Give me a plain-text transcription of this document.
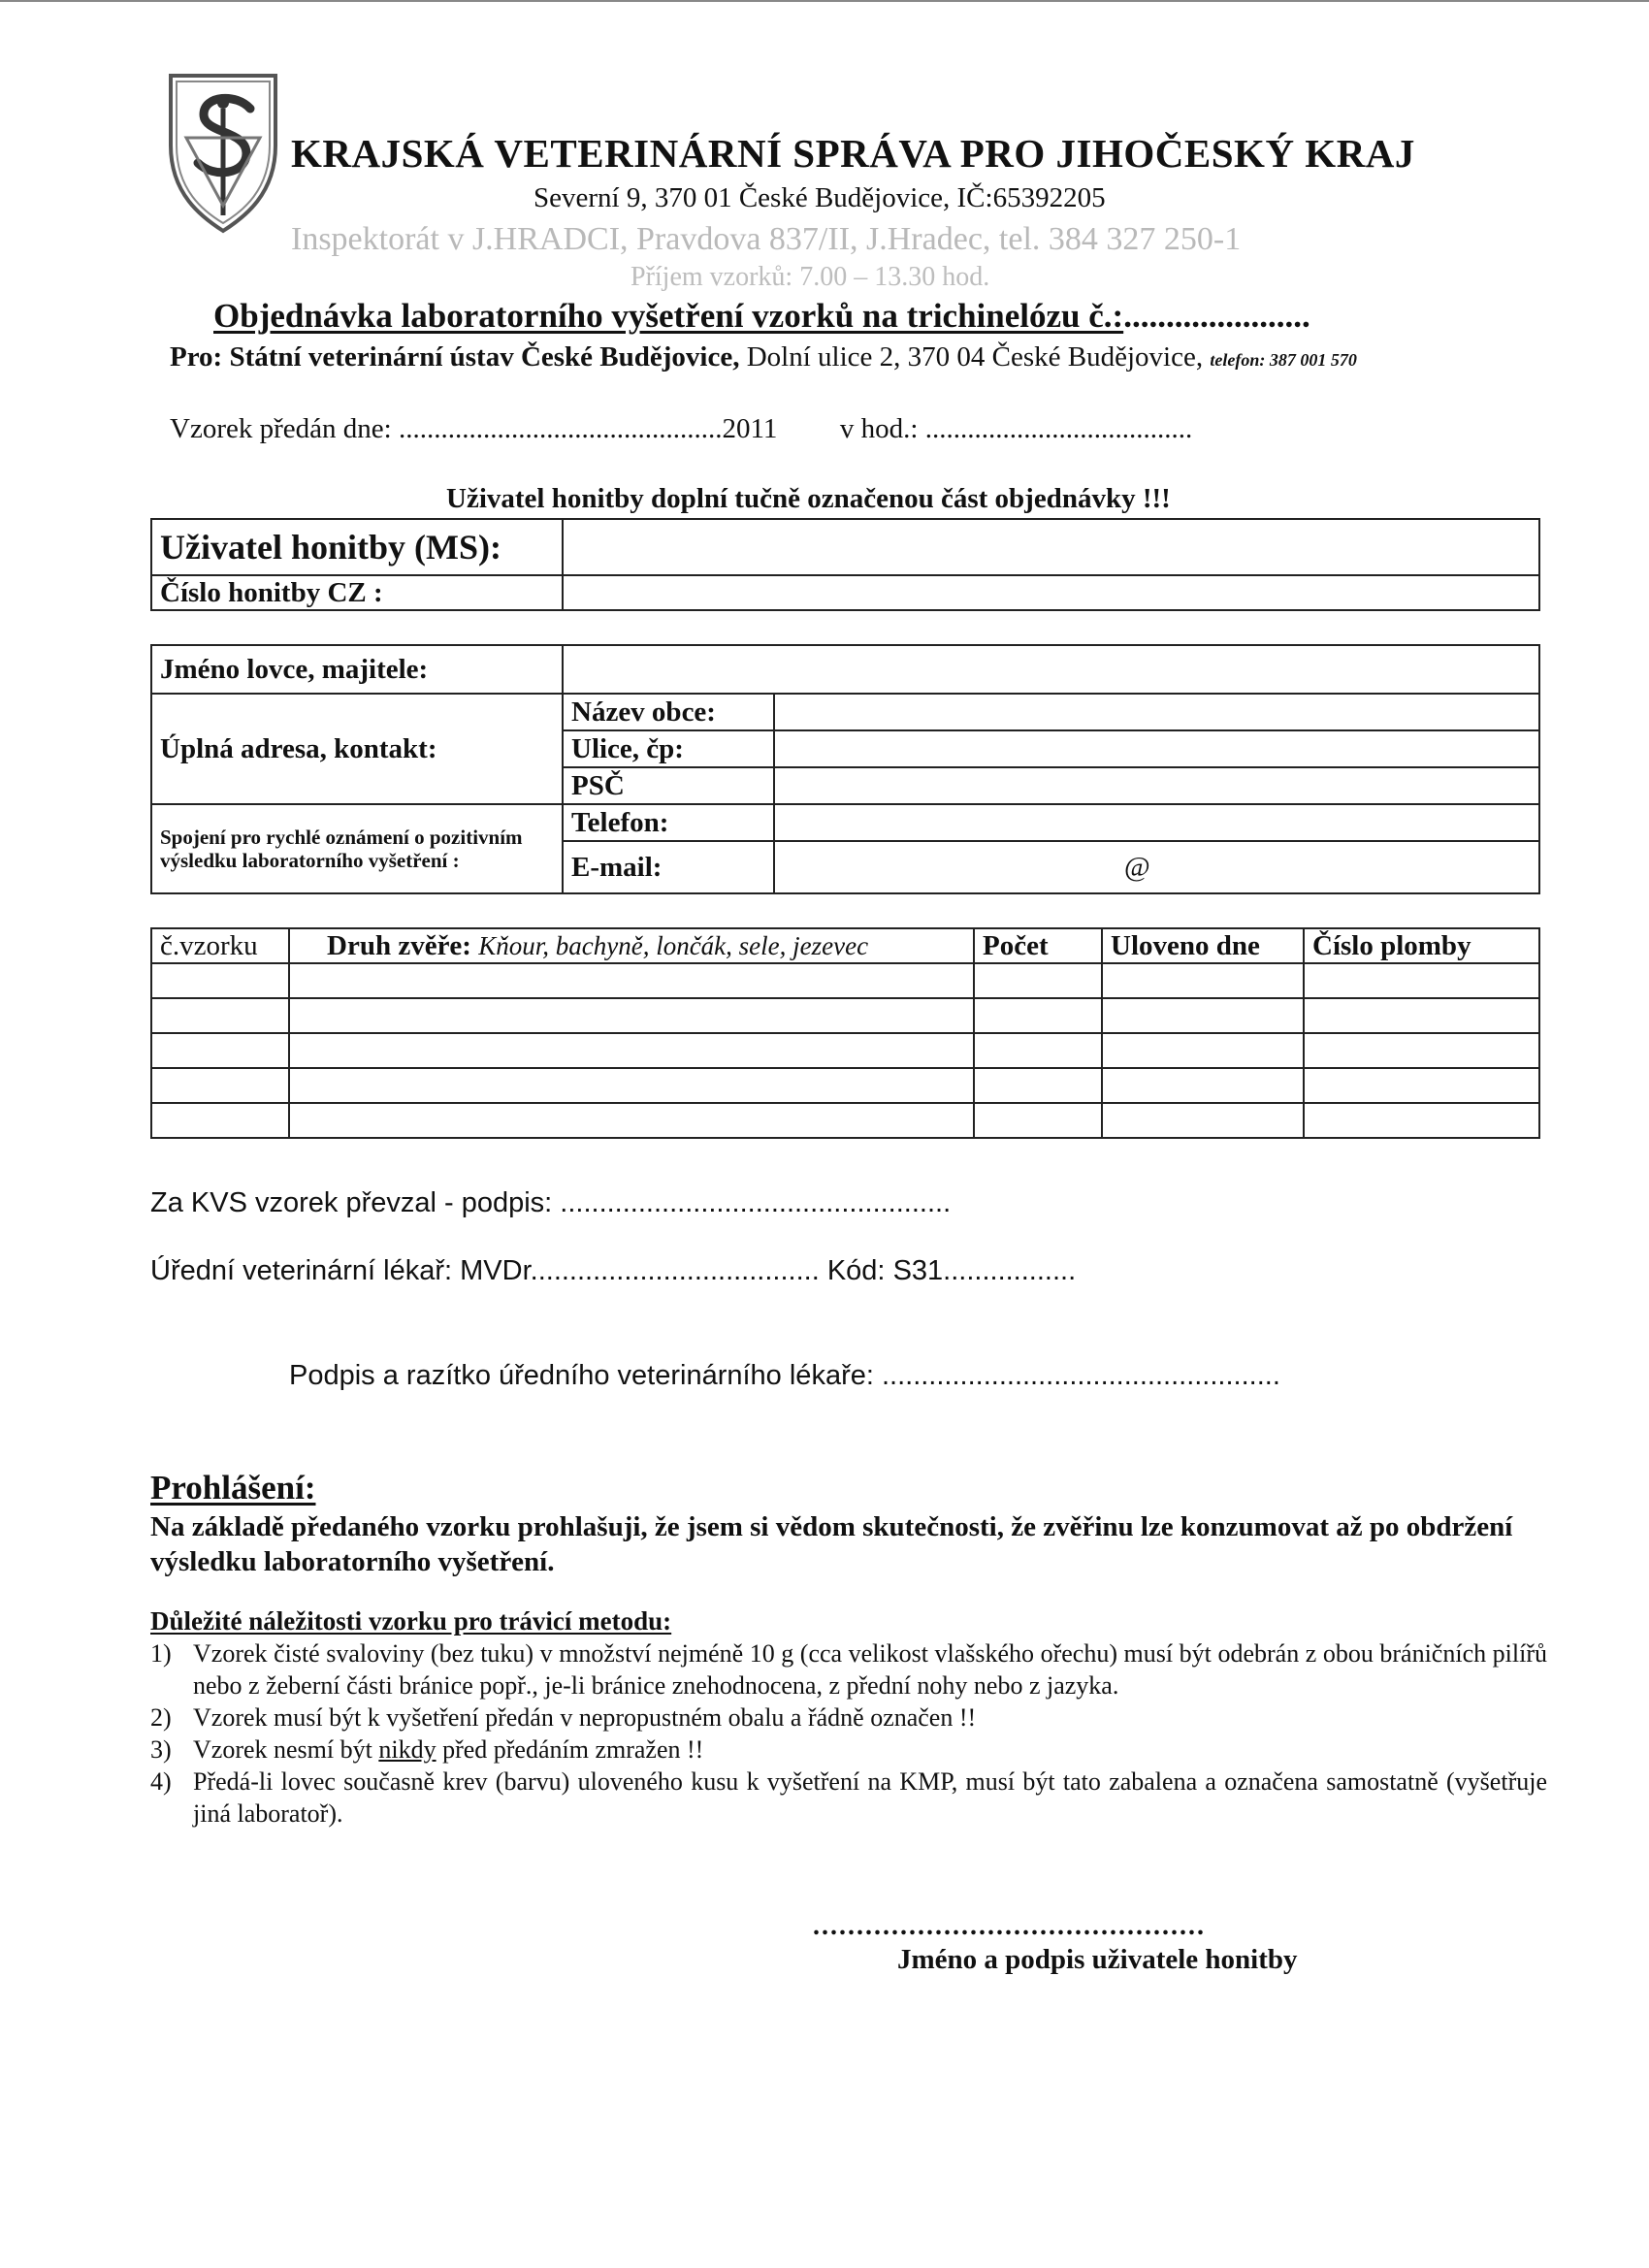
KRAJSKÁ VETERINÁRNÍ SPRÁVA PRO JIHOČESKÝ KRAJ
Severní 9, 370 01 České Budějovice, IČ:65392205
Inspektorát v J.HRADCI, Pravdova 837/II, J.Hradec, tel. 384 327 250-1
Příjem vzorků: 7.00 – 13.30 hod.
Objednávka laboratorního vyšetření vzorků na trichinelózu č.:......................
Pro: Státní veterinární ústav České Budějovice, Dolní ulice 2, 370 04 České Budějovice, telefon: 387 001 570
Vzorek předán dne: ..............................................2011 v hod.: ......................................
Uživatel honitby doplní tučně označenou část objednávky !!!
Uživatel honitby (MS):	
Číslo honitby CZ :	
Jméno lovce, majitele:		
Úplná adresa, kontakt:	Název obce:	
	Ulice, čp:	
	PSČ	
Spojení pro rychlé oznámení o pozitivním výsledku laboratorního vyšetření :	Telefon:	
	E-mail:	@
č.vzorku	Druh zvěře: Kňour, bachyně, lončák, sele, jezevec	Počet	Uloveno dne	Číslo plomby

Za KVS vzorek převzal - podpis: ..................................................
Úřední veterinární lékař: MVDr..................................... Kód: S31.................
Podpis a razítko úředního veterinárního lékaře: ...................................................
Prohlášení:
Na základě předaného vzorku prohlašuji, že jsem si vědom skutečnosti, že zvěřinu lze konzumovat až po obdržení výsledku laboratorního vyšetření.
Důležité náležitosti vzorku pro trávicí metodu:
1) Vzorek čisté svaloviny (bez tuku) v množství nejméně 10 g (cca velikost vlašského ořechu) musí být odebrán z obou bráničních pilířů nebo z žeberní části bránice popř., je-li bránice znehodnocena, z přední nohy nebo z jazyka.
2) Vzorek musí být k vyšetření předán v nepropustném obalu a řádně označen !!
3) Vzorek nesmí být nikdy před předáním zmražen !!
4) Předá-li lovec současně krev (barvu) uloveného kusu k vyšetření na KMP, musí být tato zabalena a označena samostatně (vyšetřuje jiná laboratoř).
.............................................
Jméno a podpis uživatele honitby
